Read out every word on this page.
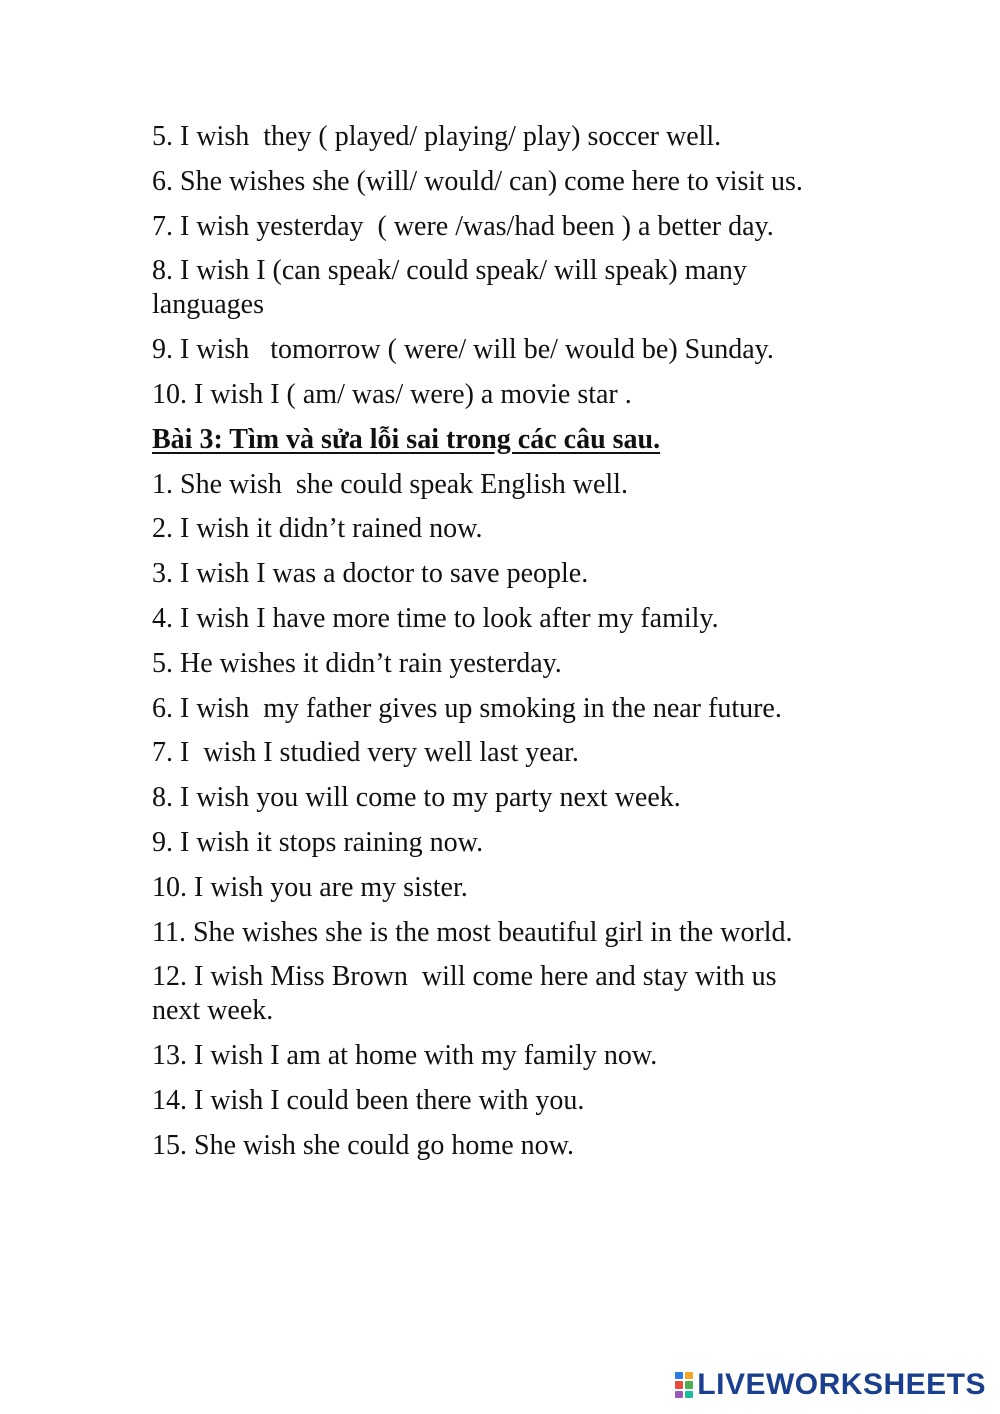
5. I wish  they ( played/ playing/ play) soccer well.

6. She wishes she (will/ would/ can) come here to visit us.

7. I wish yesterday  ( were /was/had been ) a better day.

8. I wish I (can speak/ could speak/ will speak) many

languages

9. I wish   tomorrow ( were/ will be/ would be) Sunday.

10. I wish I ( am/ was/ were) a movie star .

Bài 3: Tìm và sửa lỗi sai trong các câu sau.

1. She wish  she could speak English well.

2. I wish it didn’t rained now.

3. I wish I was a doctor to save people.

4. I wish I have more time to look after my family.

5. He wishes it didn’t rain yesterday.

6. I wish  my father gives up smoking in the near future.

7. I  wish I studied very well last year.

8. I wish you will come to my party next week.

9. I wish it stops raining now.

10. I wish you are my sister.

11. She wishes she is the most beautiful girl in the world.

12. I wish Miss Brown  will come here and stay with us

next week.

13. I wish I am at home with my family now.

14. I wish I could been there with you.

15. She wish she could go home now.

LIVEWORKSHEETS
